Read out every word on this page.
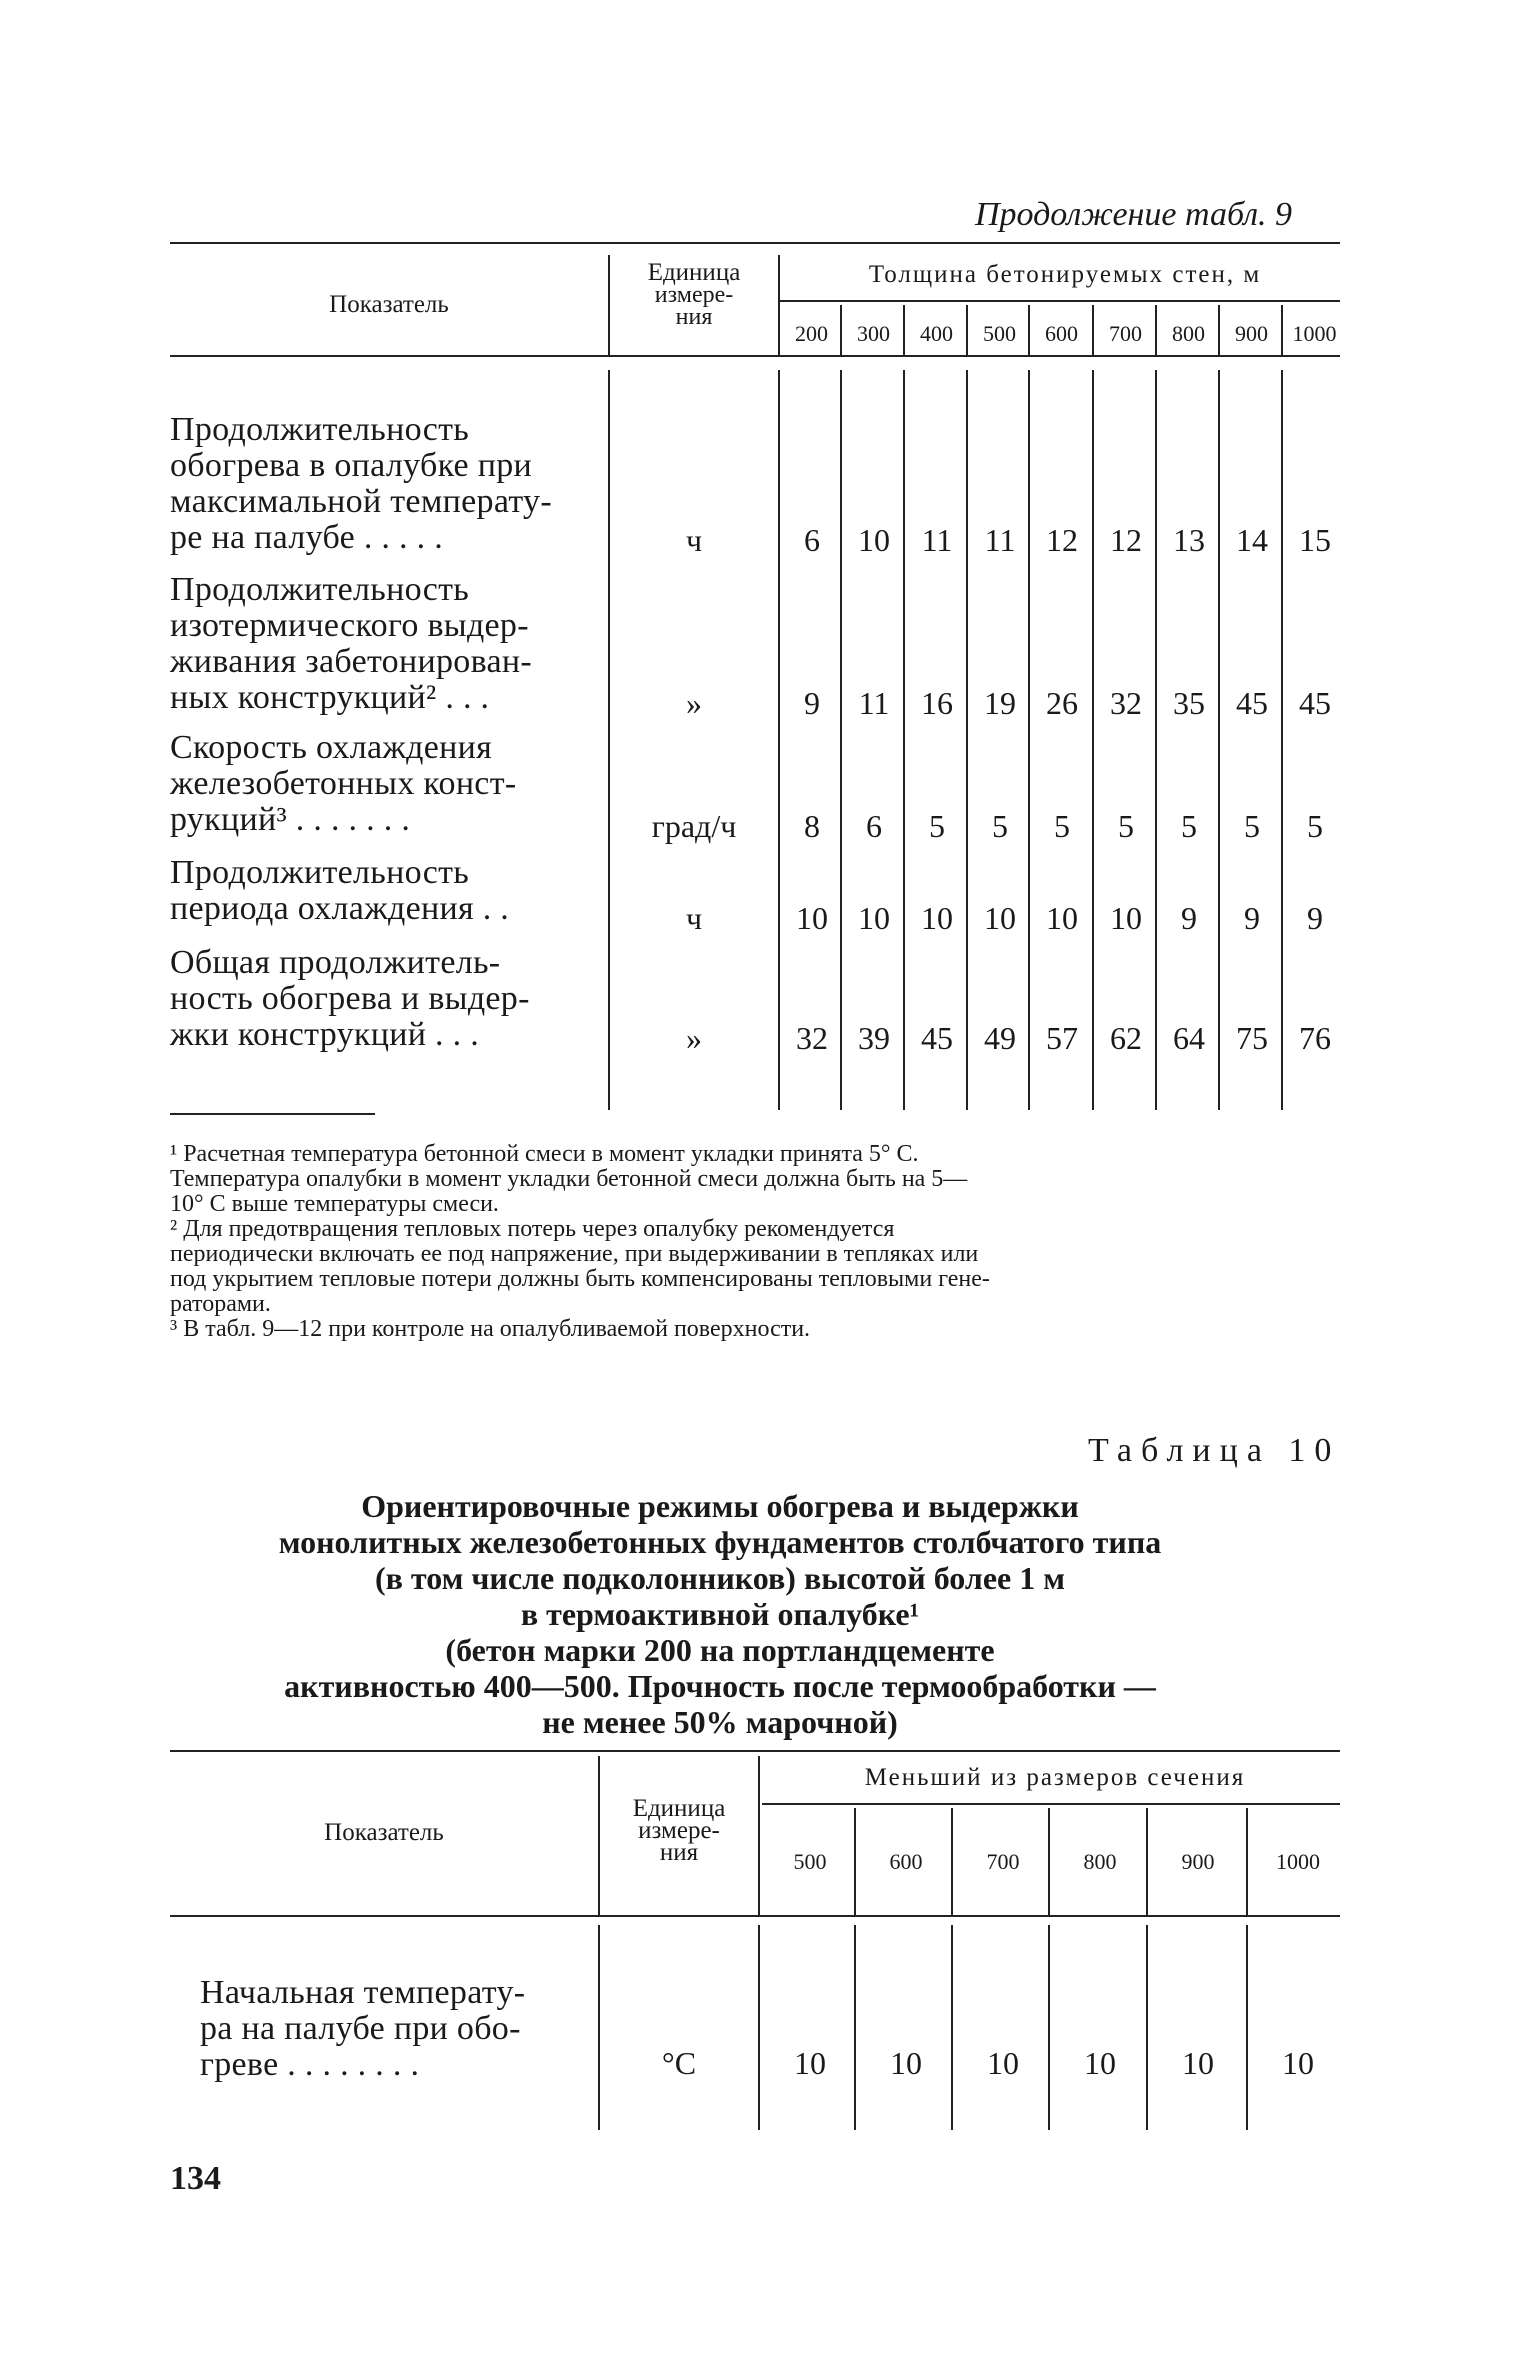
Продолжение табл. 9
Показатель
Единица
измере-
ния
Толщина бетонируемых стен, м
200	300	400	500	600	700	800	900	1000
Продолжительность
обогрева в опалубке при
максимальной температу-
ре на палубе . . . . .	ч	6	10 11	11 12	12 13 14 15
Продолжительность
изотермического выдер-
живания забетонирован-
ных конструкций² . . .	»	9	11 16 19 26	32 35 45 45
Скорость охлаждения
железобетонных конст-
рукций³ . . . . . . .	град/ч	8	6	5	5	5	5	5	5	5
Продолжительность
периода охлаждения . .	ч	10 10 10 10 10	10	9	9	9
Общая продолжитель-
ность обогрева и выдер-
жки конструкций . . .	»	32 39 45 49 57	62 64 75 76
¹ Расчетная температура бетонной смеси в момент укладки принята 5° С.
Температура опалубки в момент укладки бетонной смеси должна быть на 5—
10° С выше температуры смеси.
² Для предотвращения тепловых потерь через опалубку рекомендуется
периодически включать ее под напряжение, при выдерживании в тепляках или
под укрытием тепловые потери должны быть компенсированы тепловыми гене-
раторами.
³ В табл. 9—12 при контроле на опалубливаемой поверхности.
Таблица 10
Ориентировочные режимы обогрева и выдержки
монолитных железобетонных фундаментов столбчатого типа
(в том числе подколонников) высотой более 1 м
в термоактивной опалубке¹
(бетон марки 200 на портландцементе
активностью 400—500. Прочность после термообработки —
не менее 50% марочной)
Показатель
Единица
измере-
ния
Меньший из размеров сечения
500	600	700	800	900	1000
Начальная температу-
ра на палубе при обо-
греве . . . . . . . .	°С	10	10	10	10	10	10
134
